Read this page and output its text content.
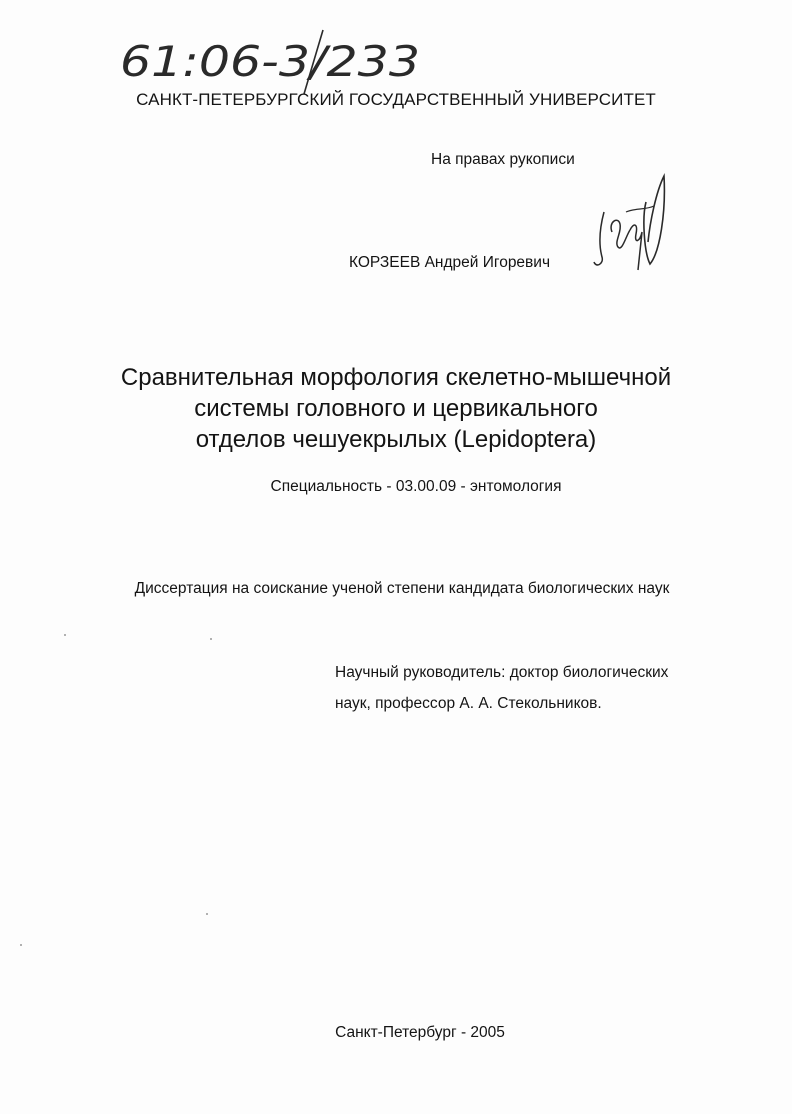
61:06-3/233
САНКТ-ПЕТЕРБУРГСКИЙ ГОСУДАРСТВЕННЫЙ УНИВЕРСИТЕТ
На правах рукописи
КОРЗЕЕВ Андрей Игоревич
Сравнительная морфология скелетно-мышечной
системы головного и цервикального
отделов чешуекрылых (Lepidoptera)
Специальность - 03.00.09 - энтомология
Диссертация на соискание ученой степени кандидата биологических наук
Научный руководитель: доктор биологических
наук, профессор А. А. Стекольников.
Санкт-Петербург - 2005
